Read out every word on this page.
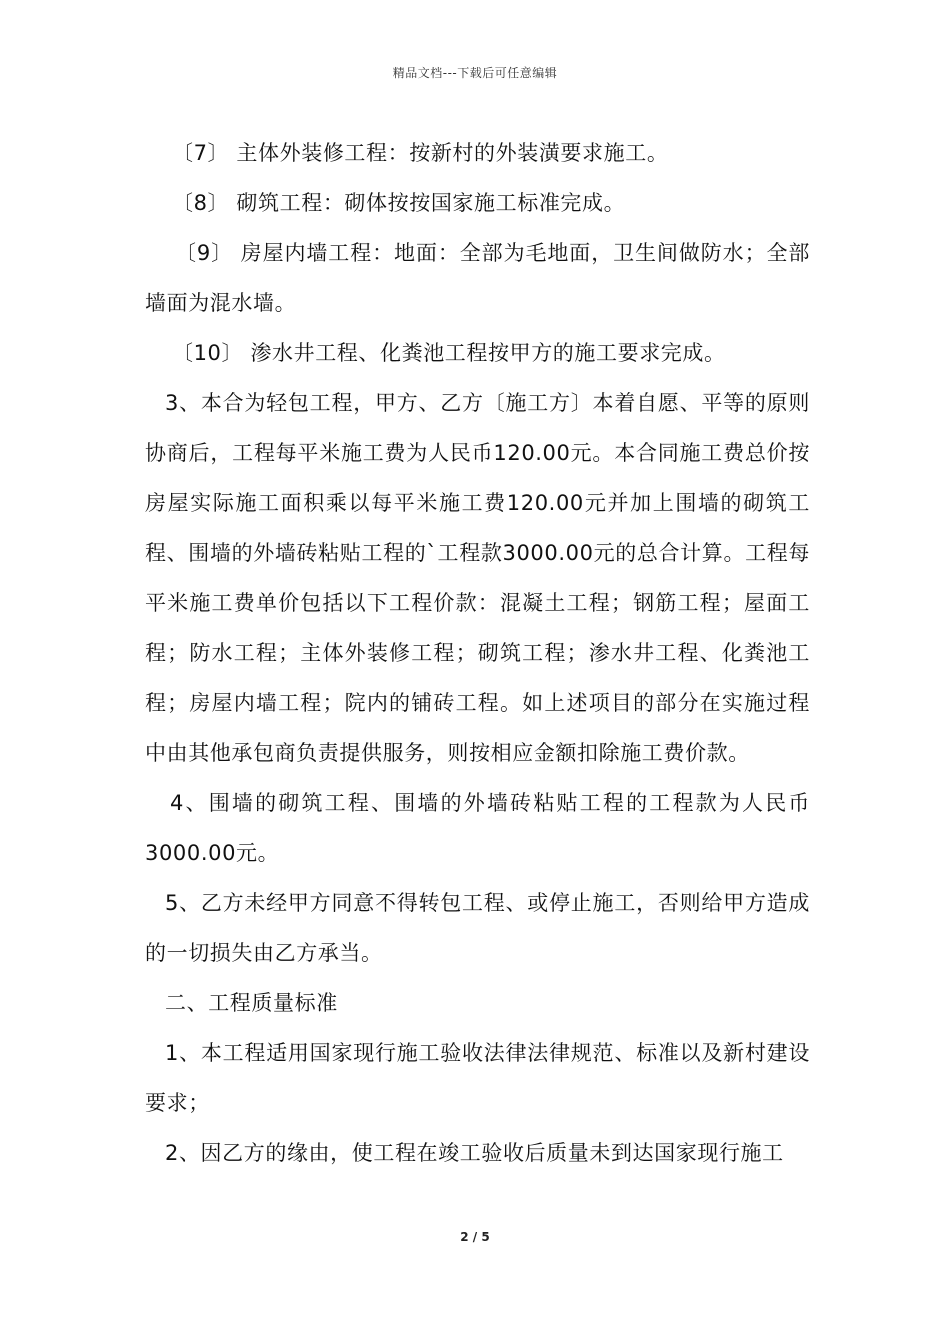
精品文档---下载后可任意编辑

〔7〕 主体外装修工程：按新村的外装潢要求施工。

〔8〕 砌筑工程：砌体按按国家施工标准完成。

〔9〕 房屋内墙工程：地面：全部为毛地面，卫生间做防水；全部墙面为混水墙。

〔10〕 渗水井工程、化粪池工程按甲方的施工要求完成。

3、本合为轻包工程，甲方、乙方〔施工方〕本着自愿、平等的原则协商后，工程每平米施工费为人民币120.00元。本合同施工费总价按房屋实际施工面积乘以每平米施工费120.00元并加上围墙的砌筑工程、围墙的外墙砖粘贴工程的`工程款3000.00元的总合计算。工程每平米施工费单价包括以下工程价款：混凝土工程；钢筋工程；屋面工程；防水工程；主体外装修工程；砌筑工程；渗水井工程、化粪池工程；房屋内墙工程；院内的铺砖工程。如上述项目的部分在实施过程中由其他承包商负责提供服务，则按相应金额扣除施工费价款。

4、围墙的砌筑工程、围墙的外墙砖粘贴工程的工程款为人民币3000.00元。

5、乙方未经甲方同意不得转包工程、或停止施工，否则给甲方造成的一切损失由乙方承当。

二、工程质量标准

1、本工程适用国家现行施工验收法律法律规范、标准以及新村建设要求；

2、因乙方的缘由，使工程在竣工验收后质量未到达国家现行施工

2 / 5
